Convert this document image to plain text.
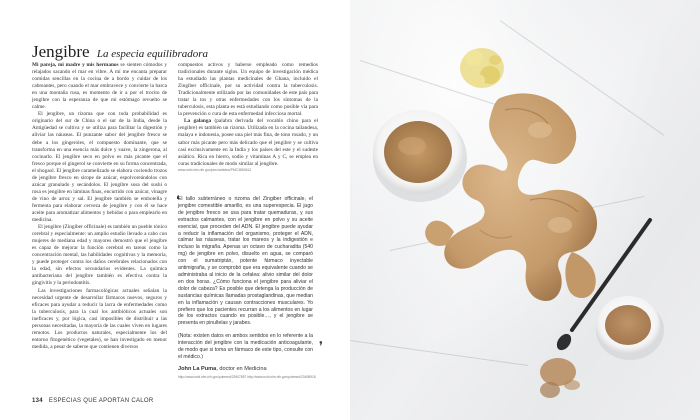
Jengibre La especia equilibradora

Mi pareja, mi madre y mis hermanos se sienten cómodos y relajados sacando el mar en vibre. A mí me encanta preparar comidas sencillas en la cocina de a bordo y cuidar de los cabreantes, pero cuando el mar embravece y convierte la barca en una montaña rusa, es momento de ir a por el trocito de jengibre con la esperanza de que mi estómago revuelto se calme.

El jengibre, un rizoma que con toda probabilidad es originario del sur de China o el sur de la India, desde la Antigüedad se cultiva y se utiliza para facilitar la digestión y aliviar las náuseas. El punzante sabor del jengibre fresco se debe a los gingeroles, el compuesto dominante, que se transforma en una esencia más dulce y suave, la zingerona, al cocinarlo. El jengibre seco en polvo es más picante que el fresco porque el gingerol se convierte en su forma concentrada, el shogaol. El jengibre caramelizado se elabora cociendo trozos de jengibre fresco en sirope de azúcar, espolvoreándolos con azúcar granulado y secándolos. El jengibre sosa del sushi o rosa es jengibre en láminas finas, encurtido con azúcar, vinagre de vino de arroz y sal. El jengibre también se embotella y fermenta para elaborar cerveza de jengibre y con él se hace aceite para aromatizar alimentos y bebidas o para emplearlo en medicina.

El jengibre (Zingiber officinale) es también un pueble tónico cerebral y especialmente: un amplio estudio llevado a cabo con mujeres de mediana edad y mayores demostró que el jengibre es capaz de mejorar la función cerebral en tareas como la concentración mental, las habilidades cognitivas y la memoria, y puede proteger contra los daños cerebrales relacionados con la edad, sin efectos secundarios evidentes. La química antibacteriana del jengibre también es efectiva contra la gingivitis y la periodontitis.

Las investigaciones farmacológicas actuales señalan la necesidad urgente de desarrollar fármacos nuevos, seguros y eficaces para ayudar a reducir la lacra de enfermedades como la tuberculosis, para la cual los antibióticos actuales son ineficaces y, por lógica, casi imposibles de distribuir a las personas necesitadas, la mayoría de las cuales viven en lugares remotos. Los productos naturales, especialmente los del entorno fitogenético (vegetales), se han investigado en menor medida, a pesar de saberse que contienen diversos

compuestos activos y haberse empleado como remedios tradicionales durante siglos. Un equipo de investigación médica ha estudiado las plantas medicinales de Ghana, incluido el Zingiber officinale, por su actividad contra la tuberculosis. Tradicionalmente utilizado por las comunidades de este país para tratar la tos y otras enfermedades con los síntomas de la tuberculosis, esta planta es está estudiando como posible vía para la prevención o cura de esta enfermedad infecciosa mortal.

La galanga (palabra derivada del vocablo chino para el jengibre) es también un rizoma. Utilizada en la cocina tailandesa, malaya e indonesia, posee una piel más fina, de tono rosado, y un sabor más picante pero más delicado que el jengibre y se cultiva casi exclusivamente en la India y los países del este y el sudeste asiático. Rica en hierro, sodio y vitaminas A y C, se emplea en curas tradicionales de modo similar al jengibre.

www.ncbi.nlm.nih.gov/pmc/articles/PMC3863612

❛

El tallo subterráneo o rizoma del Zingiber officinale, el jengibre comestible amarillo, es una superespecia. El jugo de jengibre fresco se usa para tratar quemaduras, y sus extractos calmantes, con el jengibre en polvo y su aceite esencial, que proceden del ADN. El jengibre puede ayudar a reducir la inflamación del organismo, proteger el ADN, calmar las náuseas, tratar los mareos y la indigestión e incluso la migraña. Apenas un octavo de cucharadita (540 mg) de jengibre en polvo, disuelto en agua, se comparó con el sumatriptán, potente fármaco inyectable antimigraña, y se comprobó que era equivalente cuando se administraba al inicio de la cefalea: alivio similar del dolor en dos horas. ¿Cómo funciona el jengibre para aliviar el dolor de cabeza? Es posible que detenga la producción de sustancias químicas llamadas prostaglandinas, que median en la inflamación y causan contracciones musculares. Yo prefiero que los pacientes recurran a los alimentos en lugar de los extractos cuando es posible…, y el jengibre se presenta en pinultelas y jarabes.

(Nota: existen datos en ambos sentidos en lo referente a la interacción del jengibre con la medicación anticoagulante, de modo que si toma un fármaco de este tipo, consulte con el médico.)

❜
John La Puma, doctor en Medicina
http://www.ncbi.nlm.nih.gov/pubmed/23907857 http://www.ncbi.nlm.nih.gov/pubmed/23498918
134 ESPECIAS QUE APORTAN CALOR
